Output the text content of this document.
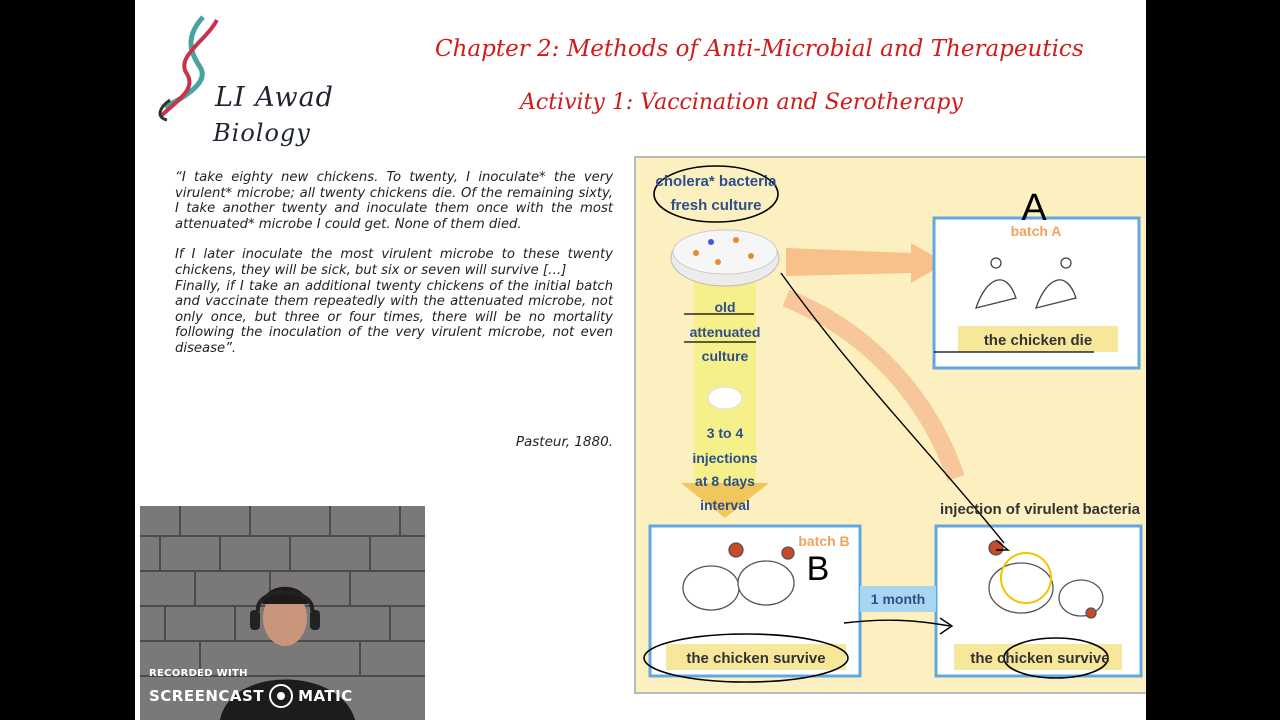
LI Awad
Biology
Chapter 2: Methods of Anti-Microbial and Therapeutics
Activity 1: Vaccination and Serotherapy

“I take eighty new chickens. To twenty, I inoculate* the very virulent* microbe; all twenty chickens die. Of the remaining sixty, I take another twenty and inoculate them once with the most attenuated* microbe I could get. None of them died.

If I later inoculate the most virulent microbe to these twenty chickens, they will be sick, but six or seven will survive […]

Finally, if I take an additional twenty chickens of the initial batch and vaccinate them repeatedly with the attenuated microbe, not only once, but three or four times, there will be no mortality following the inoculation of the very virulent microbe, not even disease”.

Pasteur, 1880.
cholera* bacteria
fresh culture
old
attenuated
culture
3 to 4
injections
at 8 days
interval
batch A
the chicken die
batch B
the chicken survive
injection of virulent bacteria
1 month
the chicken survive
A
B
RECORDED WITH
SCREENCAST MATIC
